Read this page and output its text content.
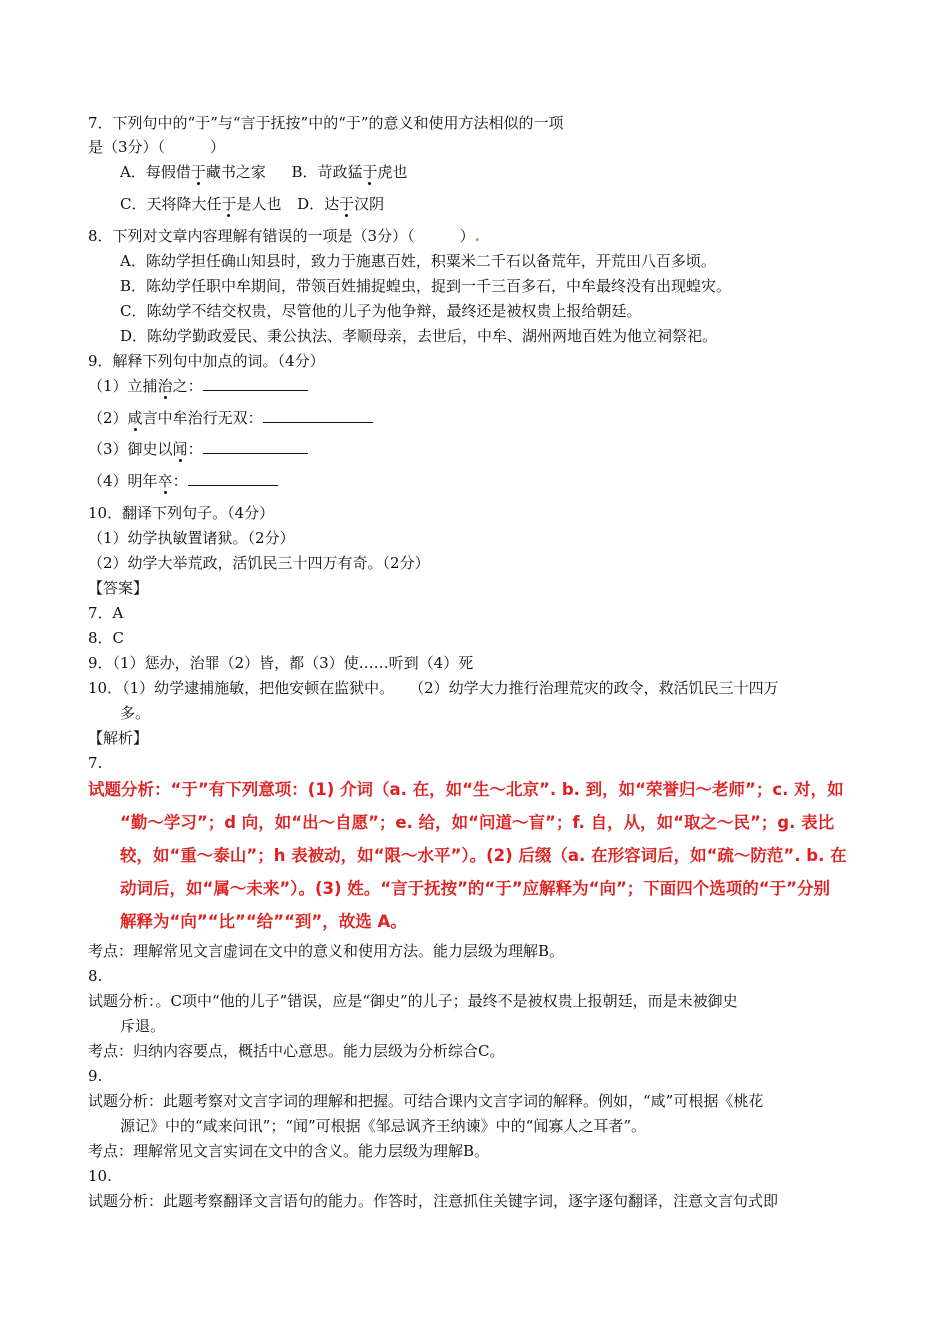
7．下列句中的“于”与“言于抚按”中的“于”的意义和使用方法相似的一项
是（3分）（　　　）
A．每假借于藏书之家 B．苛政猛于虎也
C．天将降大任于是人也 D．达于汉阴
8．下列对文章内容理解有错误的一项是（3分）（　　　）.
A．陈幼学担任确山知县时，致力于施惠百姓，积粟米二千石以备荒年，开荒田八百多顷。
B．陈幼学任职中牟期间，带领百姓捕捉蝗虫，捉到一千三百多石，中牟最终没有出现蝗灾。
C．陈幼学不结交权贵，尽管他的儿子为他争辩，最终还是被权贵上报给朝廷。
D．陈幼学勤政爱民、秉公执法、孝顺母亲，去世后，中牟、湖州两地百姓为他立祠祭祀。
9．解释下列句中加点的词。（4分）
（1）立捕治之：
（2）咸言中牟治行无双：
（3）御史以闻：
（4）明年卒：
10．翻译下列句子。（4分）
（1）幼学执敏置诸狱。（2分）
（2）幼学大举荒政，活饥民三十四万有奇。（2分）
【答案】
7．A
8．C
9．（1）惩办，治罪（2）皆，都（3）使……听到（4）死
10．（1）幼学逮捕施敏，把他安顿在监狱中。　　（2）幼学大力推行治理荒灾的政令，救活饥民三十四万
多。
【解析】
7.
试题分析：“于”有下列意项：(1) 介词（a. 在，如“生～北京”. b. 到，如“荣誉归～老师”；c. 对，如
“勤～学习”；d 向，如“出～自愿”；e. 给，如“问道～盲”；f. 自，从，如“取之～民”；g. 表比
较，如“重～泰山”；h 表被动，如“限～水平”）。(2) 后缀（a. 在形容词后，如“疏～防范”. b. 在
动词后，如“属～未来”）。(3) 姓。“言于抚按”的“于”应解释为“向”；下面四个选项的“于”分别
解释为“向”“比”“给”“到”，故选 A。
考点：理解常见文言虚词在文中的意义和使用方法。能力层级为理解B。
8.
试题分析：。C项中“他的儿子”错误，应是“御史”的儿子；最终不是被权贵上报朝廷，而是未被御史
斥退。
考点：归纳内容要点，概括中心意思。能力层级为分析综合C。
9.
试题分析：此题考察对文言字词的理解和把握。可结合课内文言字词的解释。例如，“咸”可根据《桃花
源记》中的“咸来问讯”；“闻”可根据《邹忌讽齐王纳谏》中的“闻寡人之耳者”。
考点：理解常见文言实词在文中的含义。能力层级为理解B。
10.
试题分析：此题考察翻译文言语句的能力。作答时，注意抓住关键字词，逐字逐句翻译，注意文言句式即
